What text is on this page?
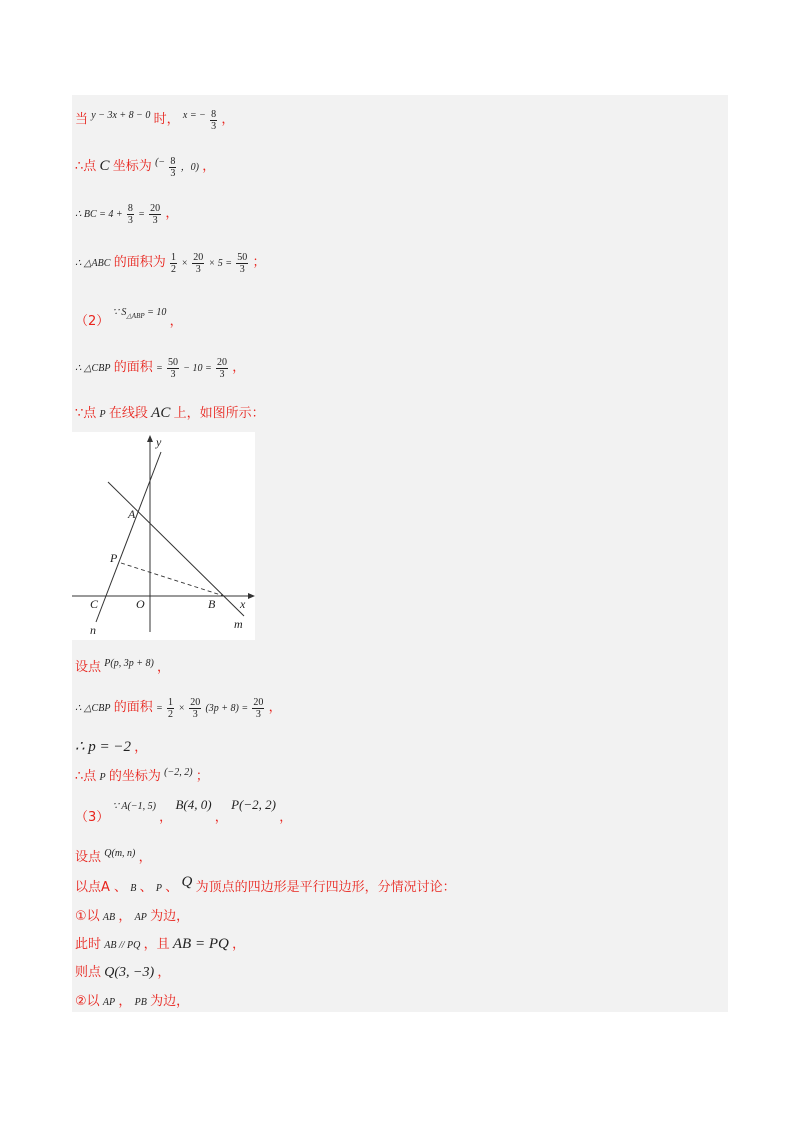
当 $^{y - 3x + 8 - 0}$ 时， $^{x = -} \frac{8}{3}$ ，
∴点 C 坐标为 $^{(-} \frac{8}{3}$ ，0) ，
∴ BC = $4 + \frac{8}{3} = \frac{20}{3}$ ，
∴ △ABC 的面积为 $\frac{1}{2} \times \frac{20}{3} \times 5 = \frac{50}{3}$ ；
（2） ∵ $S_{\triangle ABP} = 10$ ，
∴ △CBP 的面积 = $\frac{50}{3} - 10 = \frac{20}{3}$ ，
∵点 P 在线段 AC 上，如图所示：
y
x
A
P
C	O	B
n	m
设点 $^{P(p, 3p + 8)}$ ，
∴ △CBP 的面积 = $\frac{1}{2} \times \frac{20}{3} (3p + 8) = \frac{20}{3}$ ，
∴ p = −2 ，
∴点 P 的坐标为 $^{(-2, 2)}$ ；
（3） ∵ A(−1, 5) ， B(4, 0) ， P(−2, 2) ，
设点 $^{Q(m, n)}$ ，
以点A 、 B 、 P 、 Q 为顶点的四边形是平行四边形，分情况讨论：
①以 AB ， AP 为边，
此时 AB // PQ ，且 AB = PQ ，
则点 Q(3, −3) ，
②以 AP ， PB 为边，
